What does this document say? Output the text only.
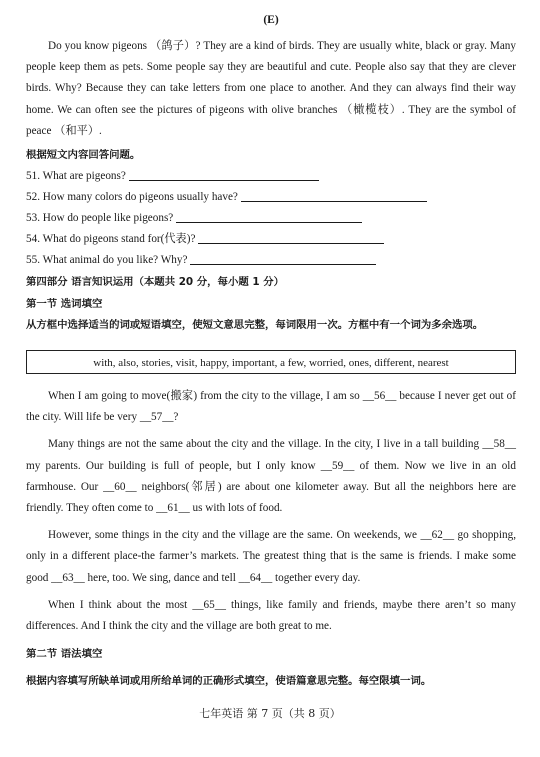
(E)

Do you know pigeons （鸽子）? They are a kind of birds. They are usually white, black or gray. Many people keep them as pets. Some people say they are beautiful and cute. People also say that they are clever birds. Why? Because they can take letters from one place to another. And they can always find their way home. We can often see the pictures of pigeons with olive branches （橄榄枝）. They are the symbol of peace （和平）.

根据短文内容回答问题。
51. What are pigeons?
52. How many colors do pigeons usually have?
53. How do people like pigeons?
54. What do pigeons stand for(代表)?
55. What animal do you like? Why?
第四部分 语言知识运用（本题共 20 分，每小题 1 分）
第一节 选词填空
从方框中选择适当的词或短语填空，使短文意思完整，每词限用一次。方框中有一个词为多余选项。
with, also, stories, visit, happy, important, a few, worried, ones, different, nearest

When I am going to move(搬家) from the city to the village, I am so __56__ because I never get out of the city. Will life be very __57__?

Many things are not the same about the city and the village. In the city, I live in a tall building __58__ my parents. Our building is full of people, but I only know __59__ of them. Now we live in an old farmhouse. Our __60__ neighbors(邻居) are about one kilometer away. But all the neighbors here are friendly. They often come to __61__ us with lots of food.

However, some things in the city and the village are the same. On weekends, we __62__ go shopping, only in a different place-the farmer’s markets. The greatest thing that is the same is friends. I make some good __63__ here, too. We sing, dance and tell __64__ together every day.

When I think about the most __65__ things, like family and friends, maybe there aren’t so many differences. And I think the city and the village are both great to me.

第二节 语法填空
根据内容填写所缺单词或用所给单词的正确形式填空，使语篇意思完整。每空限填一词。
七年英语 第 7 页（共 8 页）
